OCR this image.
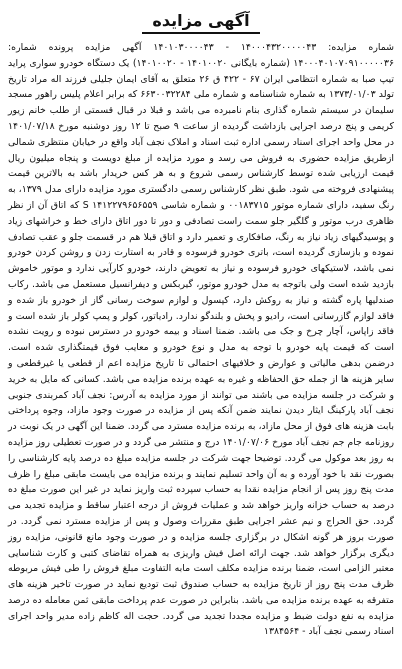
آگهی مزایده

شماره مزایده: ۱۴۰۰۰۴۳۲۰۰۰۰۰۴۳ - ۱۴۰۱۰۳۰۰۰۰۴۳ آگهی مزایده پرونده شماره: ۱۴۰۰۰۴۰۱۰۷۰۹۱۰۰۰۰۰۳۶ (شماره بایگانی ۱۴۰۱۰۰۲۰ - ۱۴۰۱۰۰۲۰) یک دستگاه خودرو سواری پراید تیپ صبا به شماره انتظامی ایران ۶۷ - ۴۲۲ ق ۲۶ متعلق به آقای ایمان جلیلی فرزند اله مراد تاریخ تولد ۱۳۷۳/۰۱/۰۳ به شماره شناسنامه و شماره ملی ۶۶۳۰۰۳۲۲۸۴ که برابر اعلام پلیس راهور مسجد سلیمان در سیستم شماره گذاری بنام نامبرده می باشد و قبلا در قبال قسمتی از طلب خانم زیور کریمی و پنج درصد اجرایی بازداشت گردیده از ساعت ۹ صبح تا ۱۲ روز دوشنبه مورخ ۱۴۰۱/۰۷/۱۸ در محل واحد اجرای اسناد رسمی اداره ثبت اسناد و املاک نجف آباد واقع در خیابان منتظری شمالی ازطریق مزایده حضوری به فروش می رسد و مورد مزایده از مبلغ دویست و پنجاه میلیون ریال قیمت ارزیابی شده توسط کارشناس رسمی شروع و به هر کس خریدار باشد به بالاترین قیمت پیشنهادی فروخته می شود. طبق نظر کارشناس رسمی دادگستری مورد مزایده دارای مدل ۱۳۷۹، به رنگ سفید، دارای شماره موتور ۰۰۱۸۳۷۱۵ و شماره شاسی S ۱۴۱۲۲۷۹۶۵۶۵۵۹ که اتاق آن از نظر ظاهری درب موتور و گلگیر جلو سمت راست تصادفی و دور تا دور اتاق دارای خط و خراشهای زیاد و پوسیدگیهای زیاد نیاز به رنگ، صافکاری و تعمیر دارد و اتاق قبلا هم در قسمت جلو و عقب تصادف نموده و بازسازی گردیده است، باتری خودرو فرسوده و قادر به استارت زدن و روشن کردن خودرو نمی باشد، لاستیکهای خودرو فرسوده و نیاز به تعویض دارند، خودرو کارآیی ندارد و موتور خاموش بازدید شده است ولی باتوجه به مدل خودرو موتور، گیربکس و دیفرانسیل مستعمل می باشد. رکاب صندلیها پاره گشته و نیاز به روکش دارد، کپسول و لوازم سوخت رسانی گاز از خودرو باز شده و فاقد لوازم گازرسانی است، رادیو و پخش و بلندگو ندارد. رادیاتور، کولر و پمپ کولر باز شده است و فاقد زاپاس، آچار چرخ و جک می باشد. ضمنا اسناد و بیمه خودرو در دسترس نبوده و رویت نشده است که قیمت پایه خودرو با توجه به مدل و نوع خودرو و معایب فوق قیمتگذاری شده است. درضمن بدهی مالیاتی و عوارض و خلافیهای احتمالی تا تاریخ مزایده اعم از قطعی یا غیرقطعی و سایر هزینه ها از جمله حق الحفاظه و غیره به عهده برنده مزایده می باشد. کسانی که مایل به خرید و شرکت در جلسه مزایده می باشند می توانند از مورد مزایده به آدرس: نجف آباد کمربندی جنوبی نجف آباد پارکینگ ایثار دیدن نمایند ضمن آنکه پس از مزایده در صورت وجود مازاد، وجوه پرداختی بابت هزینه های فوق از محل مازاد، به برنده مزایده مسترد می گردد. ضمنا این آگهی در یک نوبت در روزنامه جام جم نجف آباد مورخ ۱۴۰۱/۰۷/۰۶ درج و منتشر می گردد و در صورت تعطیلی روز مزایده به روز بعد موکول می گردد. توضیحا جهت شرکت در جلسه مزایده مبلغ ده درصد پایه کارشناسی را بصورت نقد با خود آورده و به آن واحد تسلیم نمایند و برنده مزایده می بایست مابقی مبلغ را ظرف مدت پنج روز پس از انجام مزایده نقدا به حساب سپرده ثبت واریز نماید در غیر این صورت مبلغ ده درصد به حساب خزانه واریز خواهد شد و عملیات فروش از درجه اعتبار ساقط و مزایده تجدید می گردد. حق الحراج و نیم عشر اجرایی طبق مقررات وصول و پس از مزایده مسترد نمی گردد. در صورت بروز هر گونه اشکال در برگزاری جلسه مزایده و در صورت وجود مانع قانونی، مزایده روز دیگری برگزار خواهد شد. جهت ارائه اصل فیش واریزی به همراه تقاضای کتبی و کارت شناسایی معتبر الزامی است، ضمنا برنده مزایده مکلف است مابه التفاوت مبلغ فروش را طی فیش مربوطه ظرف مدت پنج روز از تاریخ مزایده به حساب صندوق ثبت تودیع نماید در صورت تاخیر هزینه های متفرقه به عهده برنده مزایده می باشد. بنابراین در صورت عدم پرداخت مابقی ثمن معامله ده درصد مزایده به نفع دولت ضبط و مزایده مجددا تجدید می گردد. حجت اله کاظم زاده مدیر واحد اجرای اسناد رسمی نجف آباد - ۱۳۸۴۵۶۴
